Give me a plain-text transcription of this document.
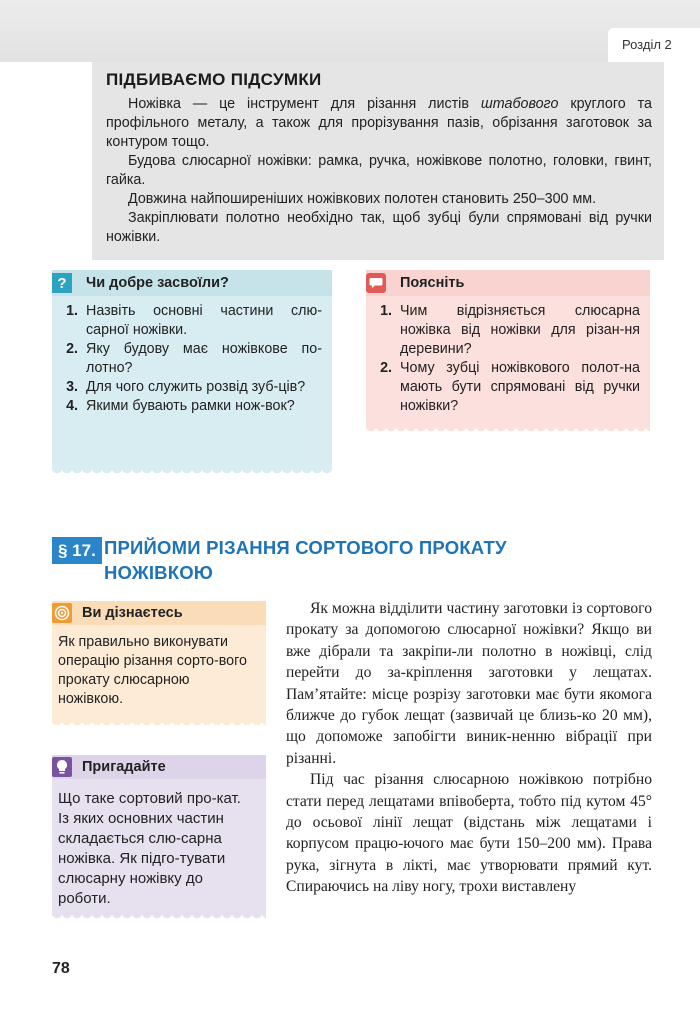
Розділ 2
ПІДБИВАЄМО ПІДСУМКИ

Ножівка — це інструмент для різання листів штабового круглого та профільного металу, а також для прорізування пазів, обрізання заготовок за контуром тощо.

Будова слюсарної ножівки: рамка, ручка, ножівкове полотно, головки, гвинт, гайка.

Довжина найпоширеніших ножівкових полотен становить 250–300 мм.

Закріплювати полотно необхідно так, щоб зубці були спрямовані від ручки ножівки.

?	Чи добре засвоїли?
1. Назвіть основні частини слю-сарної ножівки.
2. Яку будову має ножівкове по-лотно?
3. Для чого служить розвід зуб-ців?
4. Якими бувають рамки нож-вок?
Поясніть
1. Чим відрізняється слюсарна ножівка від ножівки для різан-ня деревини?
2. Чому зубці ножівкового полот-на мають бути спрямовані від ручки ножівки?
§ 17. ПРИЙОМИ РІЗАННЯ СОРТОВОГО ПРОКАТУ НОЖІВКОЮ
Ви дізнаєтесь
Як правильно виконувати операцію різання сорто-вого прокату слюсарною ножівкою.
Пригадайте
Що таке сортовий про-кат. Із яких основних частин складається слю-сарна ножівка. Як підго-тувати слюсарну ножівку до роботи.

Як можна відділити частину заготовки із сортового прокату за допомогою слюсарної ножівки? Якщо ви вже дібрали та закріпи-ли полотно в ножівці, слід перейти до за-кріплення заготовки у лещатах. Пам’ятайте: місце розрізу заготовки має бути якомога ближче до губок лещат (зазвичай це близь-ко 20 мм), що допоможе запобігти виник-ненню вібрації при різанні.

Під час різання слюсарною ножівкою потрібно стати перед лещатами впівоберта, тобто під кутом 45° до осьової лінії лещат (відстань між лещатами і корпусом працю-ючого має бути 150–200 мм). Права рука, зігнута в лікті, має утворювати прямий кут. Спираючись на ліву ногу, трохи виставлену

78
